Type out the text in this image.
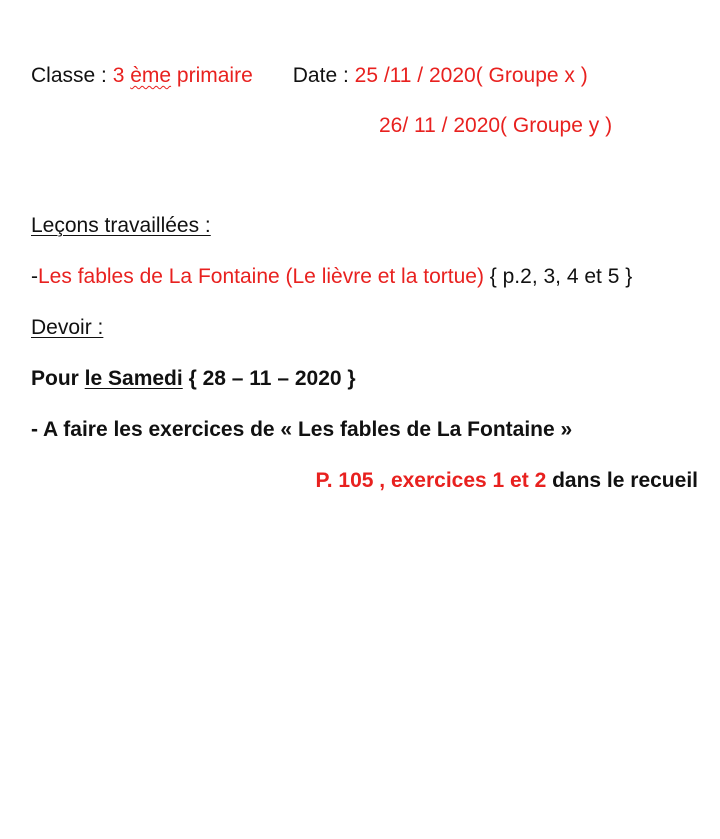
Classe : 3 ème primaire Date : 25 /11 / 2020( Groupe x )
26/ 11 / 2020( Groupe y )
Leçons travaillées :
-Les fables de La Fontaine (Le lièvre et la tortue) { p.2, 3, 4 et 5 }
Devoir :
Pour le Samedi { 28 – 11 – 2020 }
- A faire les exercices de « Les fables de La Fontaine »
P. 105 , exercices 1 et 2 dans le recueil
